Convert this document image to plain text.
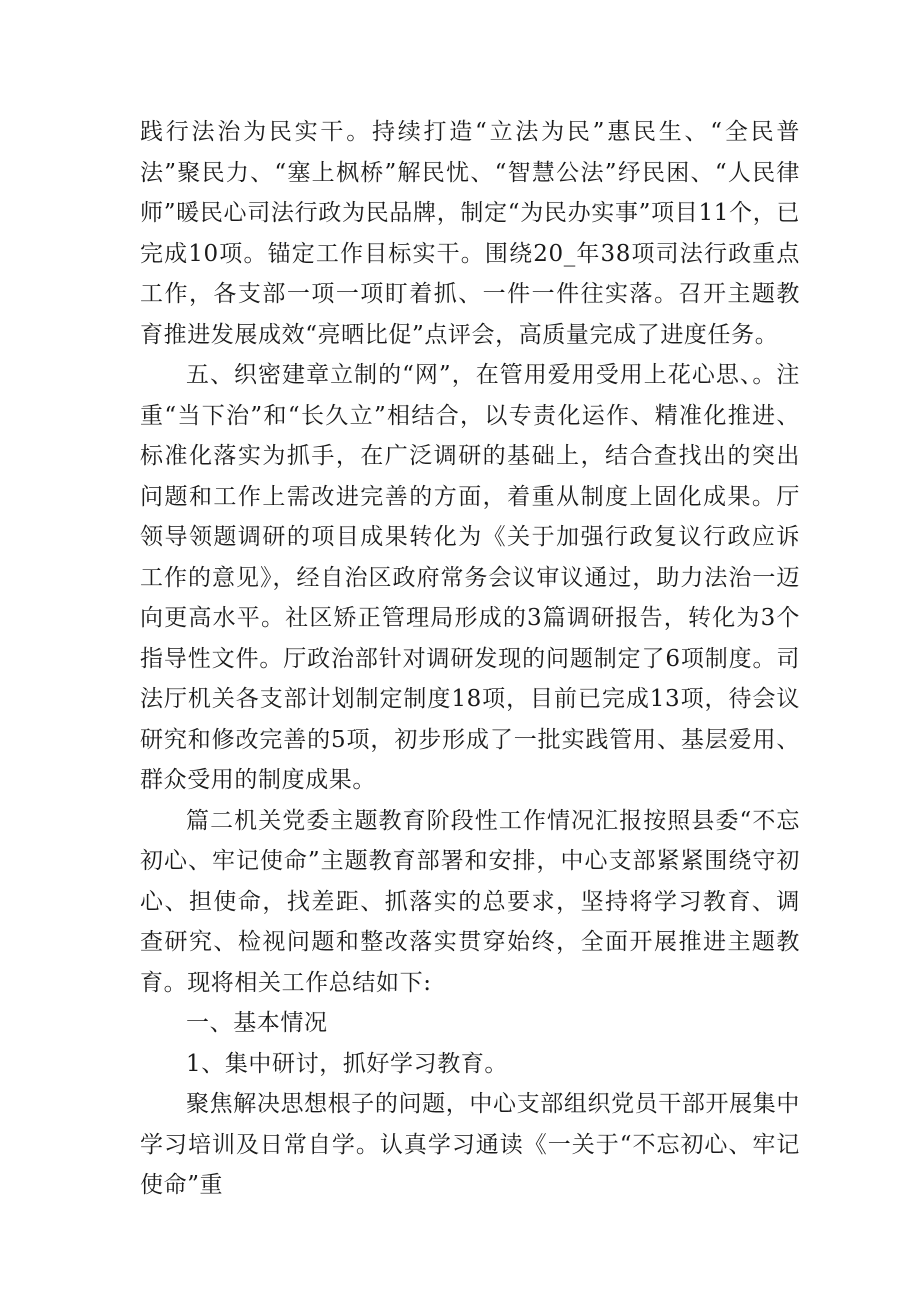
践行法治为民实干。持续打造“立法为民”惠民生、“全民普法”聚民力、“塞上枫桥”解民忧、“智慧公法”纾民困、“人民律师”暖民心司法行政为民品牌，制定“为民办实事”项目11个，已完成10项。锚定工作目标实干。围绕20_年38项司法行政重点工作，各支部一项一项盯着抓、一件一件往实落。召开主题教育推进发展成效“亮晒比促”点评会，高质量完成了进度任务。

五、织密建章立制的“网”，在管用爱用受用上花心思、。注重“当下治”和“长久立”相结合，以专责化运作、精准化推进、标准化落实为抓手，在广泛调研的基础上，结合查找出的突出问题和工作上需改进完善的方面，着重从制度上固化成果。厅领导领题调研的项目成果转化为《关于加强行政复议行政应诉工作的意见》，经自治区政府常务会议审议通过，助力法治一迈向更高水平。社区矫正管理局形成的3篇调研报告，转化为3个指导性文件。厅政治部针对调研发现的问题制定了6项制度。司法厅机关各支部计划制定制度18项，目前已完成13项，待会议研究和修改完善的5项，初步形成了一批实践管用、基层爱用、群众受用的制度成果。

篇二机关党委主题教育阶段性工作情况汇报按照县委“不忘初心、牢记使命”主题教育部署和安排，中心支部紧紧围绕守初心、担使命，找差距、抓落实的总要求，坚持将学习教育、调查研究、检视问题和整改落实贯穿始终，全面开展推进主题教育。现将相关工作总结如下:

一、基本情况

1、集中研讨，抓好学习教育。

聚焦解决思想根子的问题，中心支部组织党员干部开展集中学习培训及日常自学。认真学习通读《一关于“不忘初心、牢记使命”重
